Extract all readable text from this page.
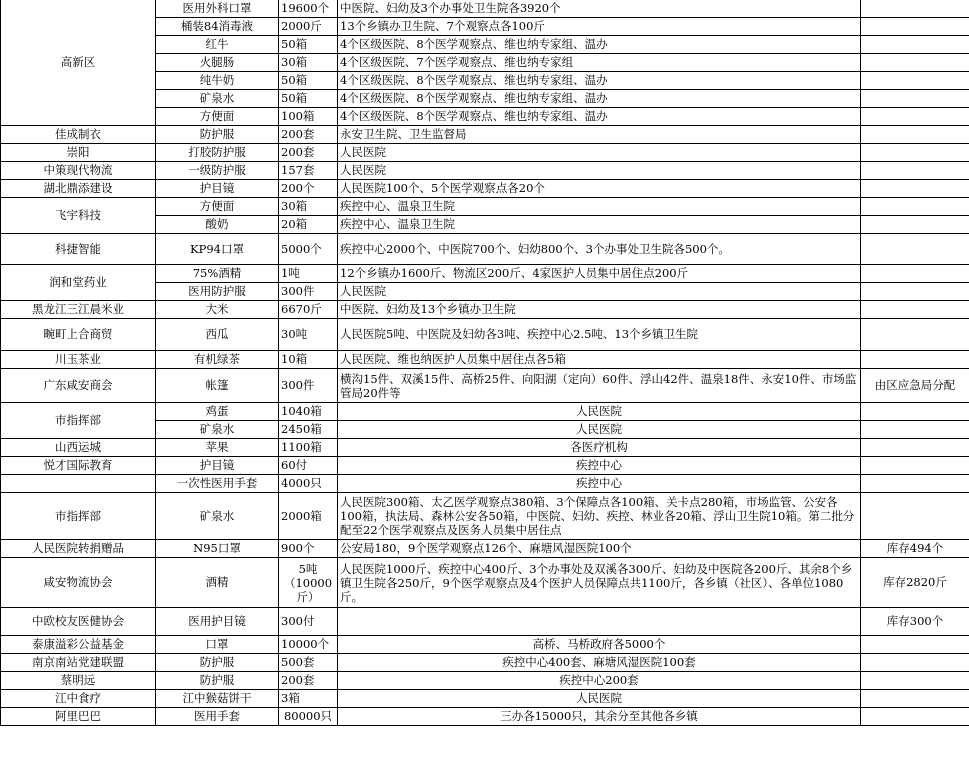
高新区	医用外科口罩	19600个	中医院、妇幼及3个办事处卫生院各3920个	
	桶装84消毒液	2000斤	13个乡镇办卫生院、7个观察点各100斤	
	红牛	50箱	4个区级医院、8个医学观察点、维也纳专家组、温办	
	火腿肠	30箱	4个区级医院、7个医学观察点、维也纳专家组	
	纯牛奶	50箱	4个区级医院、8个医学观察点、维也纳专家组、温办	
	矿泉水	50箱	4个区级医院、8个医学观察点、维也纳专家组、温办	
	方便面	100箱	4个区级医院、8个医学观察点、维也纳专家组、温办	
佳成制衣	防护服	200套	永安卫生院、卫生监督局	
崇阳	打胶防护服	200套	人民医院	
中策现代物流	一级防护服	157套	人民医院	
湖北鼎添建设	护目镜	200个	人民医院100个、5个医学观察点各20个	
飞宇科技	方便面	30箱	疾控中心、温泉卫生院	
	酸奶	20箱	疾控中心、温泉卫生院	
科捷智能	KP94口罩	5000个	疾控中心2000个、中医院700个、妇幼800个、3个办事处卫生院各500个。	
润和堂药业	75%酒精	1吨	12个乡镇办1600斤、物流区200斤、4家医护人员集中居住点200斤	
	医用防护服	300件	人民医院	
黑龙江三江晨米业	大米	6670斤	中医院、妇幼及13个乡镇办卫生院	
畹町上合商贸	西瓜	30吨	人民医院5吨、中医院及妇幼各3吨、疾控中心2.5吨、13个乡镇卫生院	
川玉茶业	有机绿茶	10箱	人民医院、维也纳医护人员集中居住点各5箱	
广东咸安商会	帐篷	300件	横沟15件、双溪15件、高桥25件、向阳湖（定向）60件、浮山42件、温泉18件、永安10件、市场监管局20件等	由区应急局分配
市指挥部	鸡蛋	1040箱	人民医院	
	矿泉水	2450箱	人民医院	
山西运城	苹果	1100箱	各医疗机构	
悦才国际教育	护目镜	60付	疾控中心	
	一次性医用手套	4000只	疾控中心	
市指挥部	矿泉水	2000箱	人民医院300箱、太乙医学观察点380箱、3个保障点各100箱、关卡点280箱，市场监管、公安各100箱，执法局、森林公安各50箱，中医院、妇幼、疾控、林业各20箱、浮山卫生院10箱。第二批分配至22个医学观察点及医务人员集中居住点	
人民医院转捐赠品	N95口罩	900个	公安局180，9个医学观察点126个、麻塘风湿医院100个	库存494个
咸安物流协会	酒精	5吨（10000斤）	人民医院1000斤、疾控中心400斤、3个办事处及双溪各300斤、妇幼及中医院各200斤、其余8个乡镇卫生院各250斤，9个医学观察点及4个医护人员保障点共1100斤，各乡镇（社区）、各单位1080斤。	库存2820斤
中欧校友医健协会	医用护目镜	300付		库存300个
泰康溢彩公益基金	口罩	10000个	高桥、马桥政府各5000个	
南京南站党建联盟	防护服	500套	疾控中心400套、麻塘风湿医院100套	
蔡明远	防护服	200套	疾控中心200套	
江中食疗	江中猴菇饼干	3箱	人民医院	
阿里巴巴	医用手套	80000只	三办各15000只，其余分至其他各乡镇	
